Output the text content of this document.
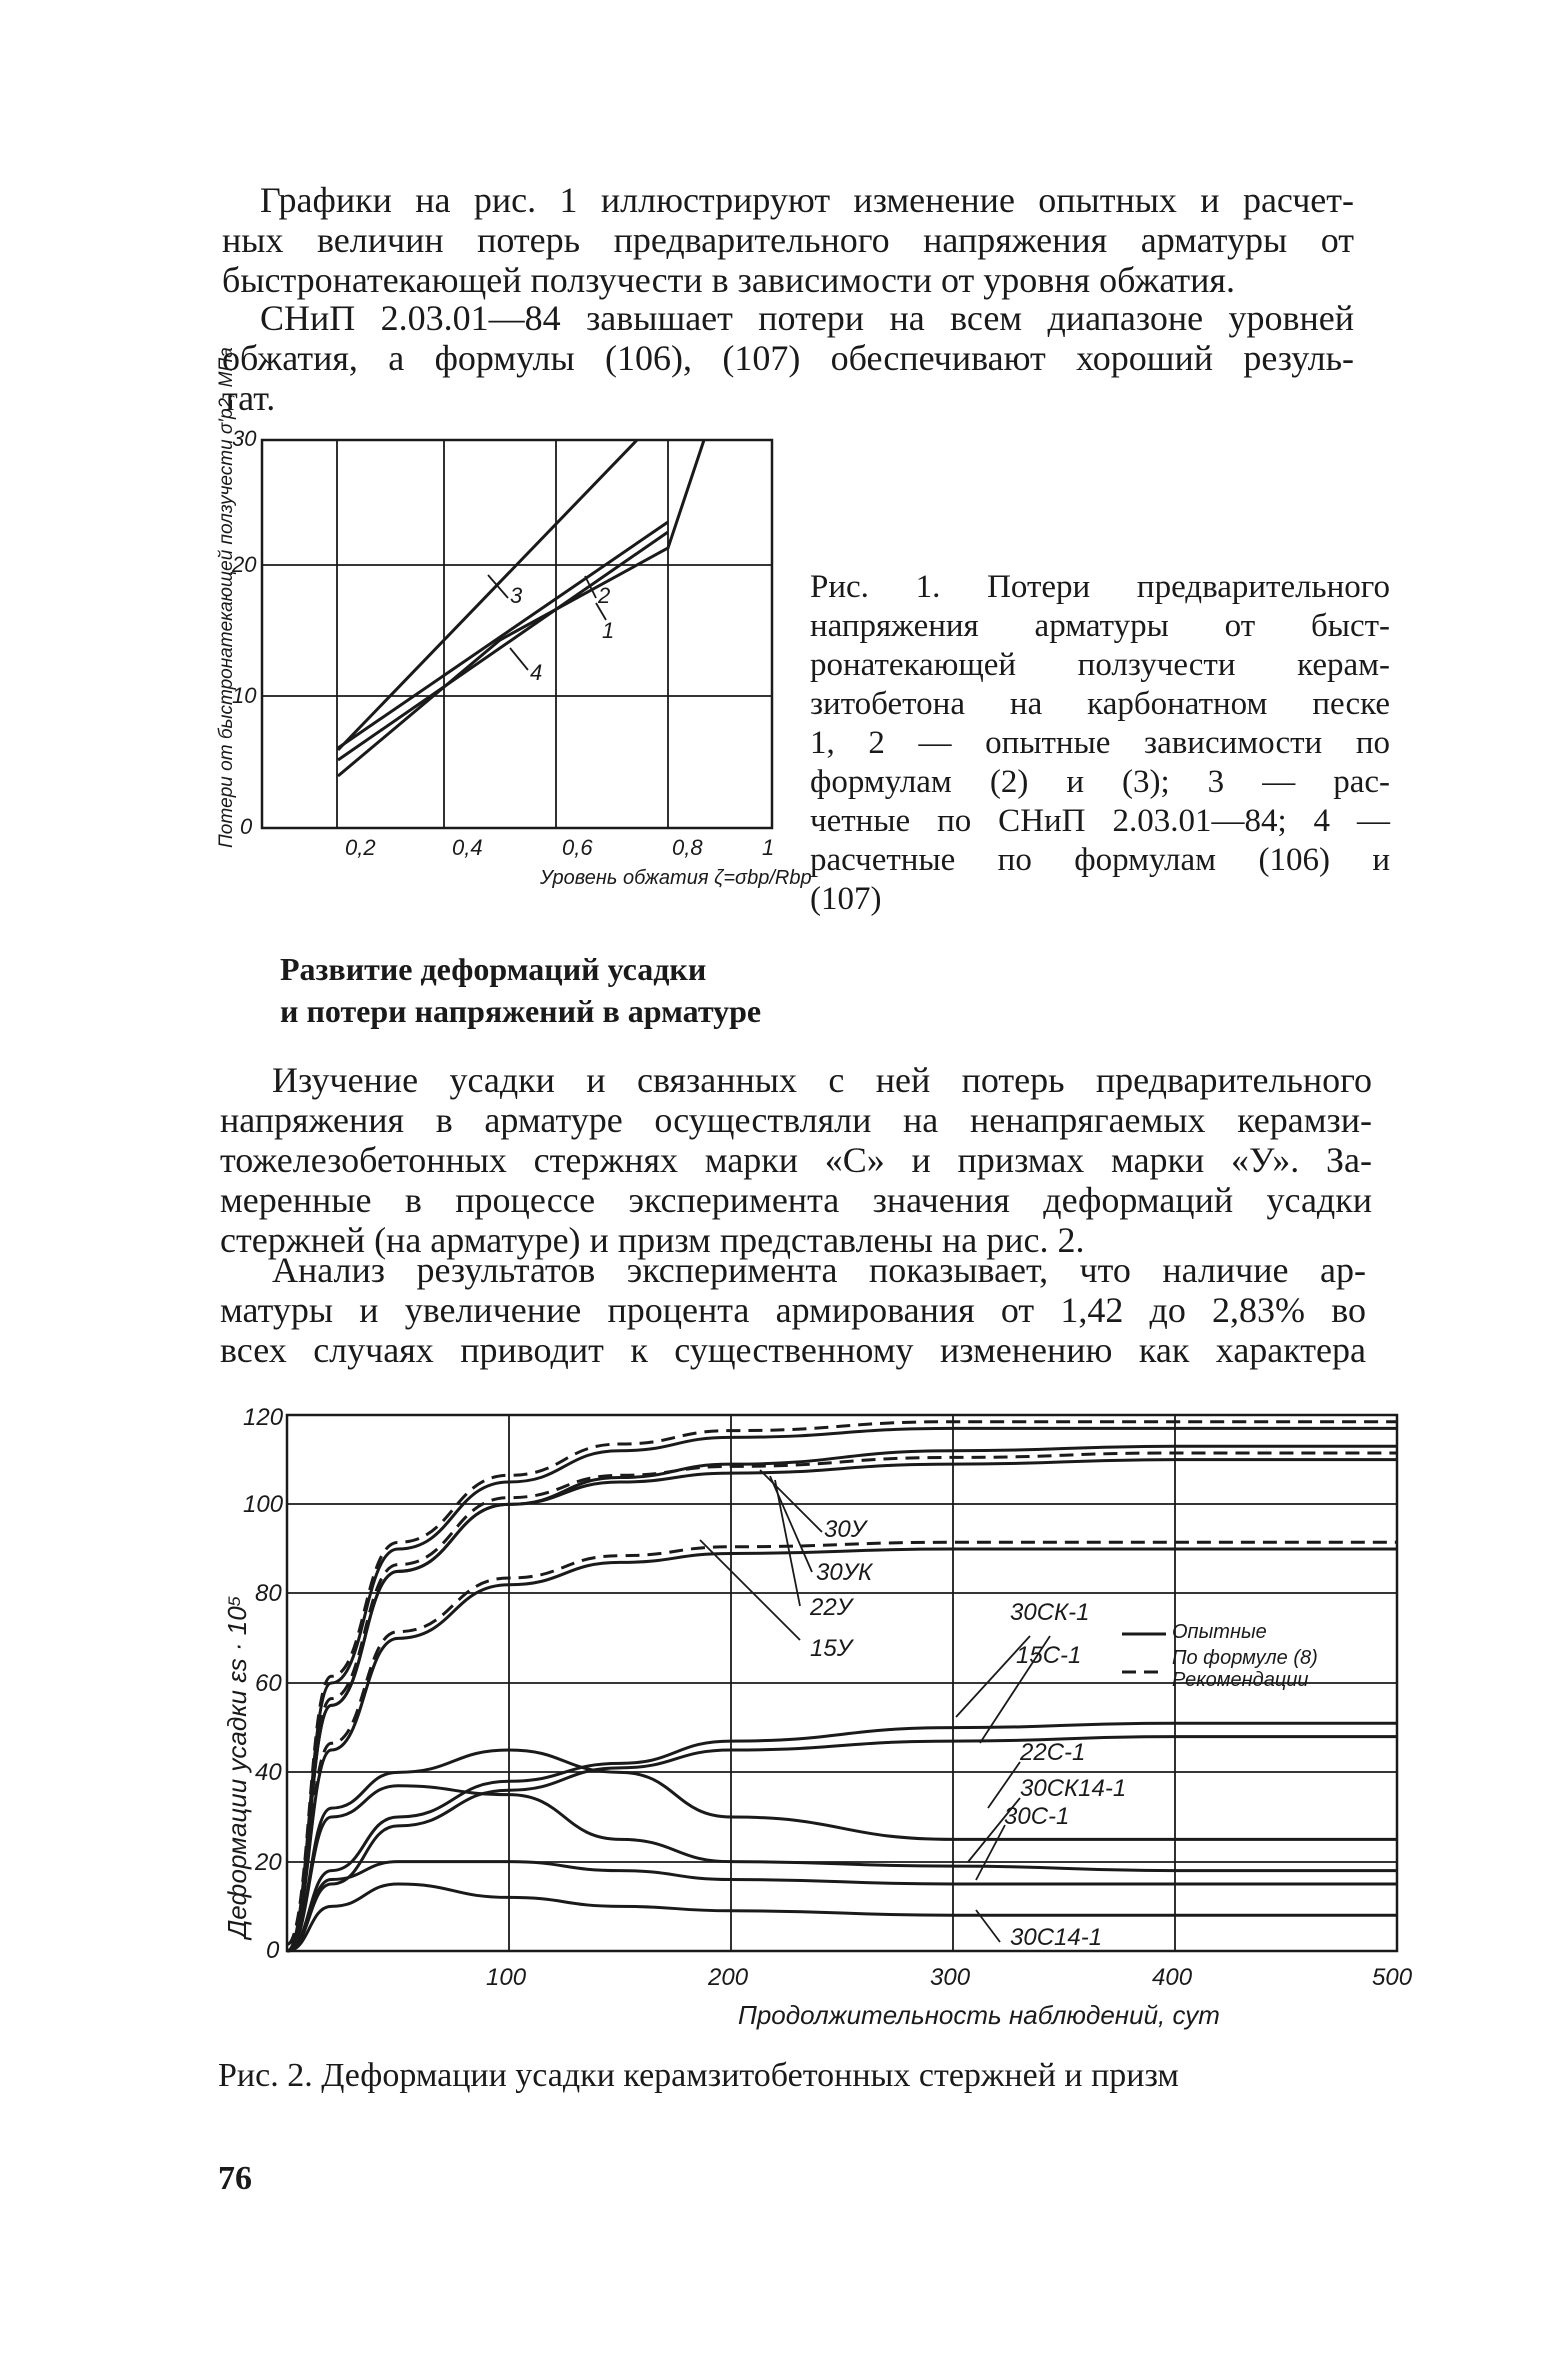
Графики на рис. 1 иллюстрируют изменение опытных и расчет-
ных величин потерь предварительного напряжения арматуры от
быстронатекающей ползучести в зависимости от уровня обжатия.
СНиП 2.03.01—84 завышает потери на всем диапазоне уровней
обжатия, а формулы (106), (107) обеспечивают хороший резуль-
тат.
30
20
10
0
0,2	0,4	0,6	0,8	1
Уровень обжатия ζ=σbp/Rbp
Потери от быстронатекающей ползучести σ′p2, МПа	3	2
1
4
Рис. 1. Потери предварительного
напряжения арматуры от быст-
ронатекающей ползучести керам-
зитобетона на карбонатном песке
1, 2 — опытные зависимости по
формулам (2) и (3); 3 — рас-
четные по СНиП 2.03.01—84; 4 —
расчетные по формулам (106) и
(107)
Развитие деформаций усадки
и потери напряжений в арматуре
Изучение усадки и связанных с ней потерь предварительного
напряжения в арматуре осуществляли на ненапрягаемых керамзи-
тожелезобетонных стержнях марки «С» и призмах марки «У». За-
меренные в процессе эксперимента значения деформаций усадки
стержней (на арматуре) и призм представлены на рис. 2.
Анализ результатов эксперимента показывает, что наличие ар-
матуры и увеличение процента армирования от 1,42 до 2,83% во
всех случаях приводит к существенному изменению как характера
120
100
80
60
40
20
0
100	200	300	400	500
Продолжительность наблюдений, сут
Деформации усадки εs · 10⁵
30У
30УК
22У
15У
30СК-1
15С-1
22С-1
30СК14-1
30С-1
30С14-1
Опытные
По формуле (8)
Рекомендации
Рис. 2. Деформации усадки керамзитобетонных стержней и призм
76
